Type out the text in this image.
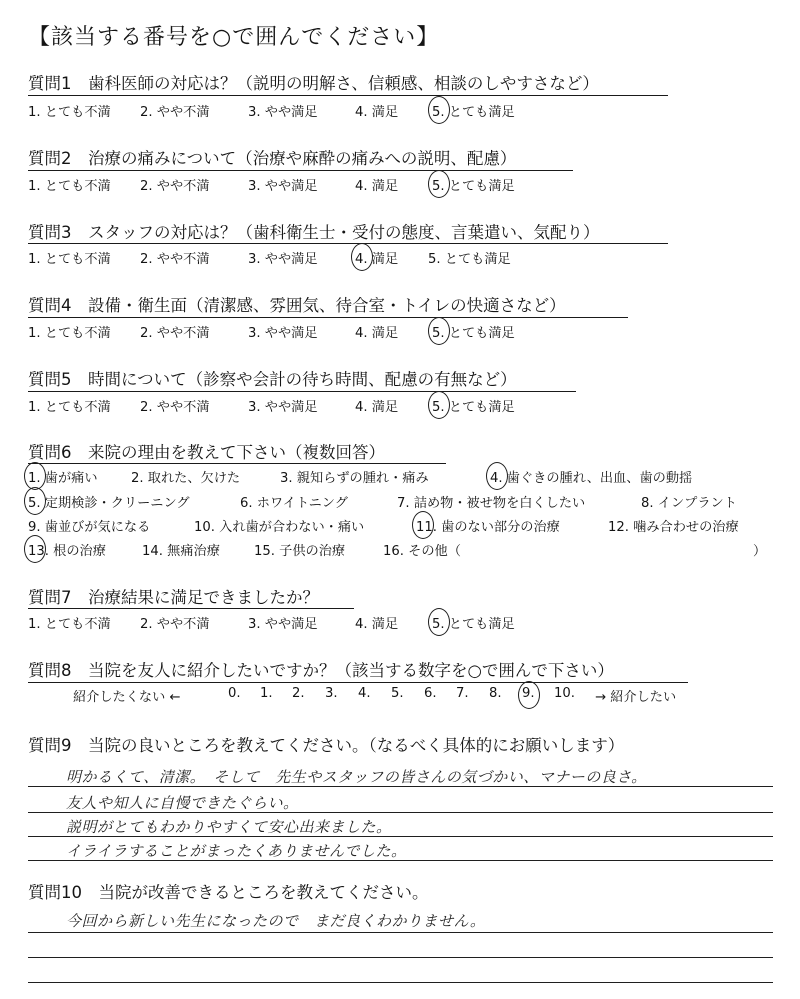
【該当する番号を○で囲んでください】
質問1　歯科医師の対応は？（説明の明解さ、信頼感、相談のしやすさなど）
1. とても不満 2. やや不満	3. やや満足	4. 満足	5. とても満足
質問2　治療の痛みについて（治療や麻酔の痛みへの説明、配慮）
1. とても不満 2. やや不満	3. やや満足	4. 満足	5. とても満足
質問3　スタッフの対応は？（歯科衛生士・受付の態度、言葉遣い、気配り）
1. とても不満 2. やや不満	3. やや満足	4. 満足 5. とても満足
質問4　設備・衛生面（清潔感、雰囲気、待合室・トイレの快適さなど）
1. とても不満 2. やや不満	3. やや満足	4. 満足	5. とても満足
質問5　時間について（診察や会計の待ち時間、配慮の有無など）
1. とても不満 2. やや不満	3. やや満足	4. 満足	5. とても満足
質問6　来院の理由を教えて下さい（複数回答）
1. 歯が痛い	2. 取れた、欠けた	3. 親知らずの腫れ・痛み	4. 歯ぐきの腫れ、出血、歯の動揺
5. 定期検診・クリーニング	6. ホワイトニング	7. 詰め物・被せ物を白くしたい	8. インプラント
9. 歯並びが気になる	10. 入れ歯が合わない・痛い	11. 歯のない部分の治療	12. 噛み合わせの治療
13. 根の治療	14. 無痛治療	15. 子供の治療	16. その他（	）
質問7　治療結果に満足できましたか？
1. とても不満 2. やや不満	3. やや満足	4. 満足	5. とても満足
質問8　当院を友人に紹介したいですか？（該当する数字を○で囲んで下さい）
紹介したくない ←	0. 1. 2. 3. 4. 5. 6. 7. 8. 9. 10. → 紹介したい
質問9　当院の良いところを教えてください。（なるべく具体的にお願いします）
明かるくて、清潔。　そして　先生やスタッフの皆さんの気づかい、マナーの良さ。
友人や知人に自慢できたぐらい。
説明がとてもわかりやすくて安心出来ました。
イライラすることがまったくありませんでした。
質問10　当院が改善できるところを教えてください。
今回から新しい先生になったので　まだ良くわかりません。
